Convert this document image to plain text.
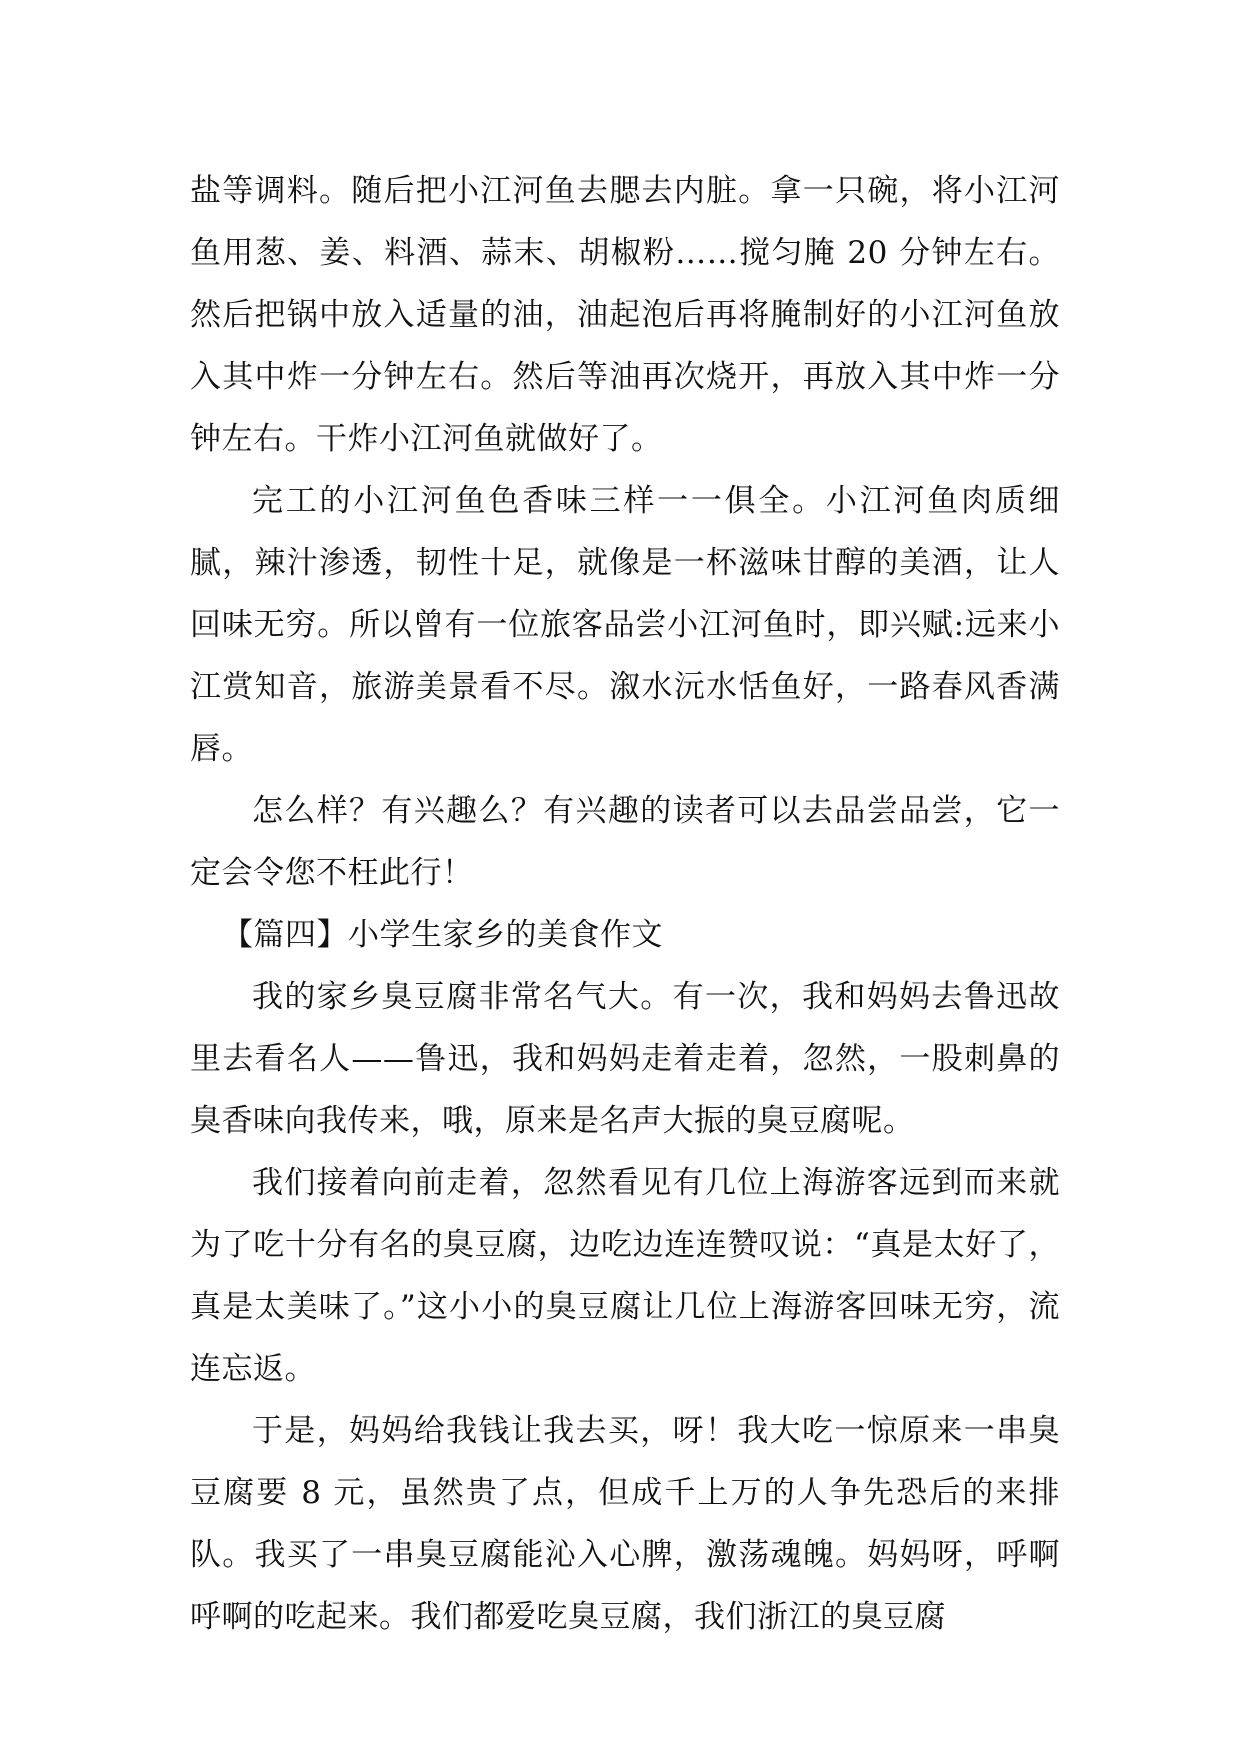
盐等调料。随后把小江河鱼去腮去内脏。拿一只碗，将小江河鱼用葱、姜、料酒、蒜末、胡椒粉……搅匀腌 20 分钟左右。然后把锅中放入适量的油，油起泡后再将腌制好的小江河鱼放入其中炸一分钟左右。然后等油再次烧开，再放入其中炸一分钟左右。干炸小江河鱼就做好了。

完工的小江河鱼色香味三样一一俱全。小江河鱼肉质细腻，辣汁渗透，韧性十足，就像是一杯滋味甘醇的美酒，让人回味无穷。所以曾有一位旅客品尝小江河鱼时，即兴赋:远来小江赏知音，旅游美景看不尽。溆水沅水恬鱼好，一路春风香满唇。

怎么样？有兴趣么？有兴趣的读者可以去品尝品尝，它一定会令您不枉此行！

【篇四】小学生家乡的美食作文

我的家乡臭豆腐非常名气大。有一次，我和妈妈去鲁迅故里去看名人——鲁迅，我和妈妈走着走着，忽然，一股刺鼻的臭香味向我传来，哦，原来是名声大振的臭豆腐呢。

我们接着向前走着，忽然看见有几位上海游客远到而来就为了吃十分有名的臭豆腐，边吃边连连赞叹说：“真是太好了，真是太美味了。”这小小的臭豆腐让几位上海游客回味无穷，流连忘返。

于是，妈妈给我钱让我去买，呀！我大吃一惊原来一串臭豆腐要 8 元，虽然贵了点，但成千上万的人争先恐后的来排队。我买了一串臭豆腐能沁入心脾，激荡魂魄。妈妈呀，呼啊呼啊的吃起来。我们都爱吃臭豆腐，我们浙江的臭豆腐
